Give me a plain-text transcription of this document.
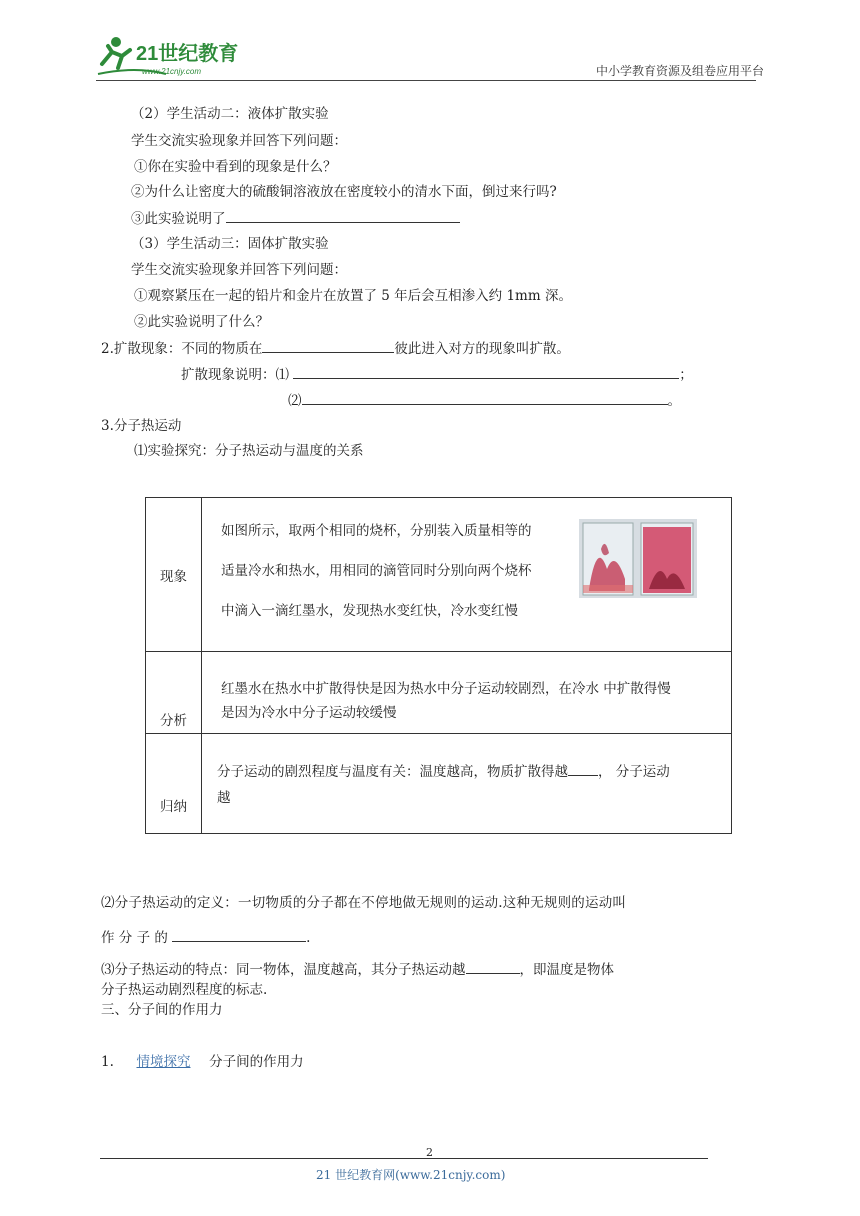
21世纪教育
www.21cnjy.com	中小学教育资源及组卷应用平台
（2）学生活动二：液体扩散实验
学生交流实验现象并回答下列问题：
①你在实验中看到的现象是什么？
②为什么让密度大的硫酸铜溶液放在密度较小的清水下面，倒过来行吗?
③此实验说明了
（3）学生活动三：固体扩散实验
学生交流实验现象并回答下列问题：
①观察紧压在一起的铅片和金片在放置了 5 年后会互相渗入约 1mm 深。
②此实验说明了什么？
2.扩散现象：不同的物质在	彼此进入对方的现象叫扩散。
扩散现象说明：⑴	；
⑵	。
3.分子热运动
⑴实验探究：分子热运动与温度的关系
现象	如图所示，取两个相同的烧杯，分别装入质量相等的
适量冷水和热水，用相同的滴管同时分别向两个烧杯
中滴入一滴红墨水，发现热水变红快，冷水变红慢

分析	红墨水在热水中扩散得快是因为热水中分子运动较剧烈，在冷水 中扩散得慢
是因为冷水中分子运动较缓慢

归纳	分子运动的剧烈程度与温度有关：温度越高，物质扩散得越 ， 分子运动
越
⑵分子热运动的定义：一切物质的分子都在不停地做无规则的运动.这种无规则的运动叫
作 分 子 的	.
⑶分子热运动的特点：同一物体，温度越高，其分子热运动越	，即温度是物体
分子热运动剧烈程度的标志.
三、分子间的作用力
1. 情境探究 分子间的作用力
2
21 世纪教育网(www.21cnjy.com)
